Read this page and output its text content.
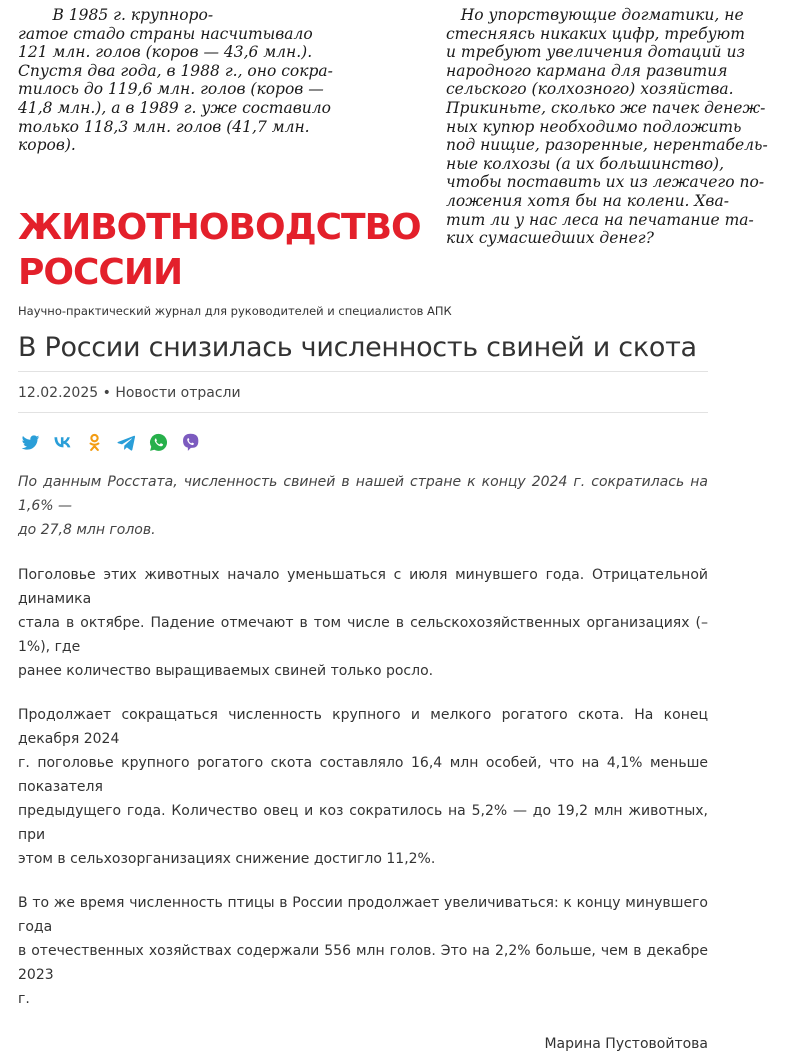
В 1985 г. крупноро-
гатое стадо страны насчитывало
121 млн. голов (коров — 43,6 млн.).
Спустя два года, в 1988 г., оно сокра-
тилось до 119,6 млн. голов (коров —
41,8 млн.), а в 1989 г. уже составило
только 118,3 млн. голов (41,7 млн.
коров).
Но упорствующие догматики, не
стесняясь никаких цифр, требуют
и требуют увеличения дотаций из
народного кармана для развития
сельского (колхозного) хозяйства.
Прикиньте, сколько же пачек денеж-
ных купюр необходимо подложить
под нищие, разоренные, нерентабель-
ные колхозы (а их большинство),
чтобы поставить их из лежачего по-
ложения хотя бы на колени. Хва-
тит ли у нас леса на печатание та-
ких сумасшедших денег?
ЖИВОТНОВОДСТВО
РОССИИ

Научно-практический журнал для руководителей и специалистов АПК

В России снизилась численность свиней и скота
12.02.2025 • Новости отрасли

По данным Росстата, численность свиней в нашей стране к концу 2024 г. сократилась на 1,6% —
до 27,8 млн голов.

Поголовье этих животных начало уменьшаться с июля минувшего года. Отрицательной динамика
стала в октябре. Падение отмечают в том числе в сельскохозяйственных организациях (–1%), где
ранее количество выращиваемых свиней только росло.

Продолжает сокращаться численность крупного и мелкого рогатого скота. На конец декабря 2024
г. поголовье крупного рогатого скота составляло 16,4 млн особей, что на 4,1% меньше показателя
предыдущего года. Количество овец и коз сократилось на 5,2% — до 19,2 млн животных, при
этом в сельхозорганизациях снижение достигло 11,2%.

В то же время численность птицы в России продолжает увеличиваться: к концу минувшего года
в отечественных хозяйствах содержали 556 млн голов. Это на 2,2% больше, чем в декабре 2023
г.

Марина Пустовойтова
